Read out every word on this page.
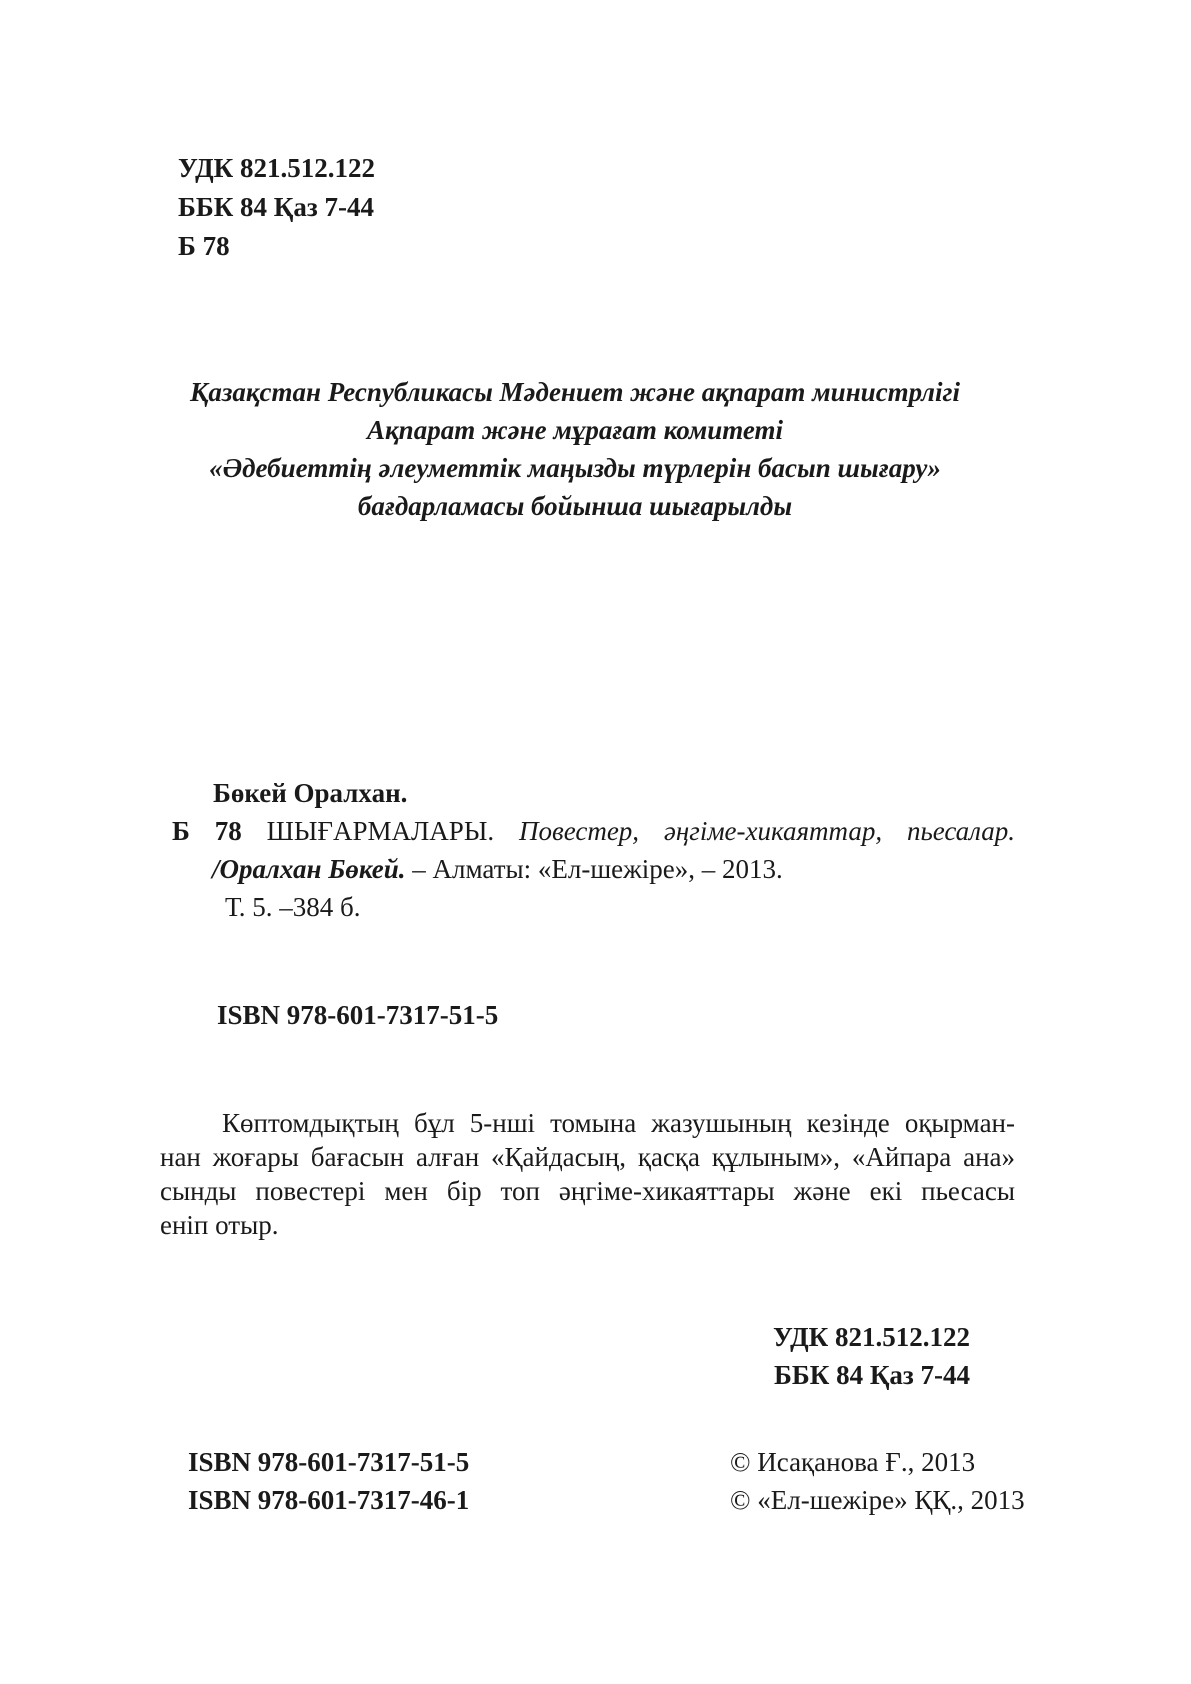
УДК 821.512.122
ББК 84 Қаз 7-44
Б 78
Қазақстан Республикасы Мәдениет және ақпарат министрлігі
Ақпарат және мұрағат комитеті
«Әдебиеттің әлеуметтік маңызды түрлерін басып шығару»
бағдарламасы бойынша шығарылды
Бөкей Оралхан.
Б 78 ШЫҒАРМАЛАРЫ. Повестер, әңгіме-хикаяттар, пьесалар.
/Оралхан Бөкей. – Алматы: «Ел-шежіре», – 2013.
Т. 5. –384 б.
ISBN 978-601-7317-51-5
Көптомдықтың бұл 5-нші томына жазушының кезінде оқырман-
нан жоғары бағасын алған «Қайдасың, қасқа құлыным», «Айпара ана»
сынды повестері мен бір топ әңгіме-хикаяттары және екі пьесасы
еніп отыр.
УДК 821.512.122
ББК 84 Қаз 7-44
ISBN 978-601-7317-51-5	© Исақанова Ғ., 2013
ISBN 978-601-7317-46-1	© «Ел-шежіре» ҚҚ., 2013
